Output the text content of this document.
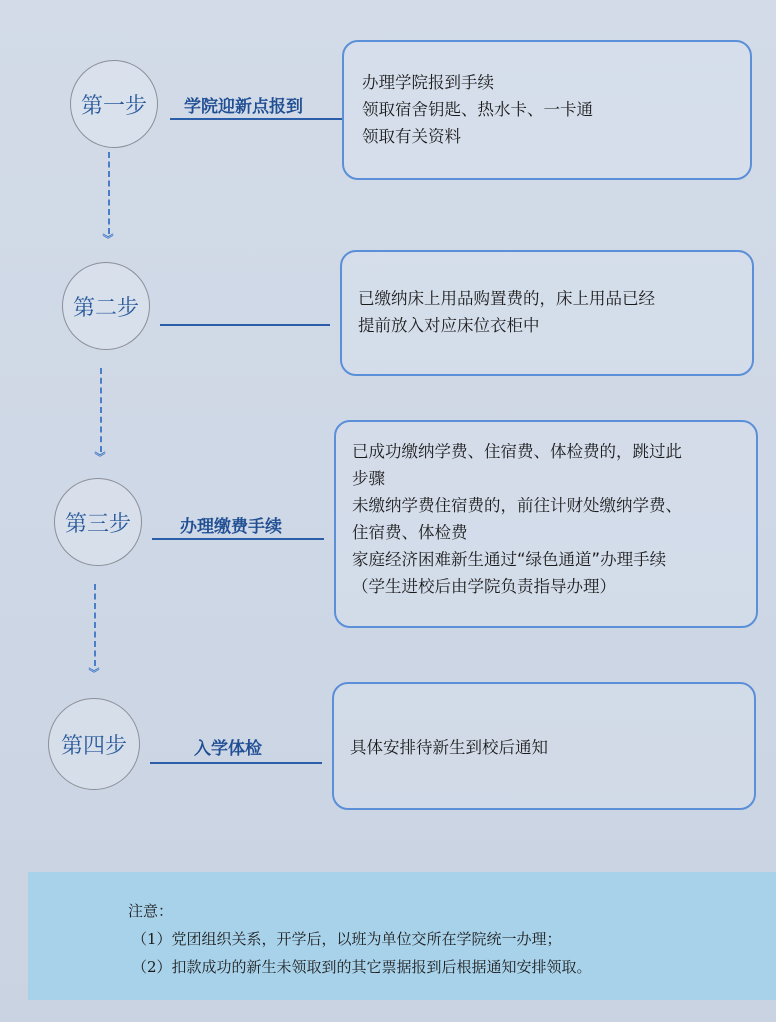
第一步 学院迎新点报到
办理学院报到手续
领取宿舍钥匙、热水卡、一卡通
领取有关资料
︾
第二步	已缴纳床上用品购置费的，床上用品已经
提前放入对应床位衣柜中
︾
第三步	办理缴费手续
已成功缴纳学费、住宿费、体检费的，跳过此
步骤
未缴纳学费住宿费的，前往计财处缴纳学费、
住宿费、体检费
家庭经济困难新生通过“绿色通道”办理手续
（学生进校后由学院负责指导办理）
︾
第四步	入学体检	具体安排待新生到校后通知
注意：
（1）党团组织关系，开学后，以班为单位交所在学院统一办理；
（2）扣款成功的新生未领取到的其它票据报到后根据通知安排领取。
